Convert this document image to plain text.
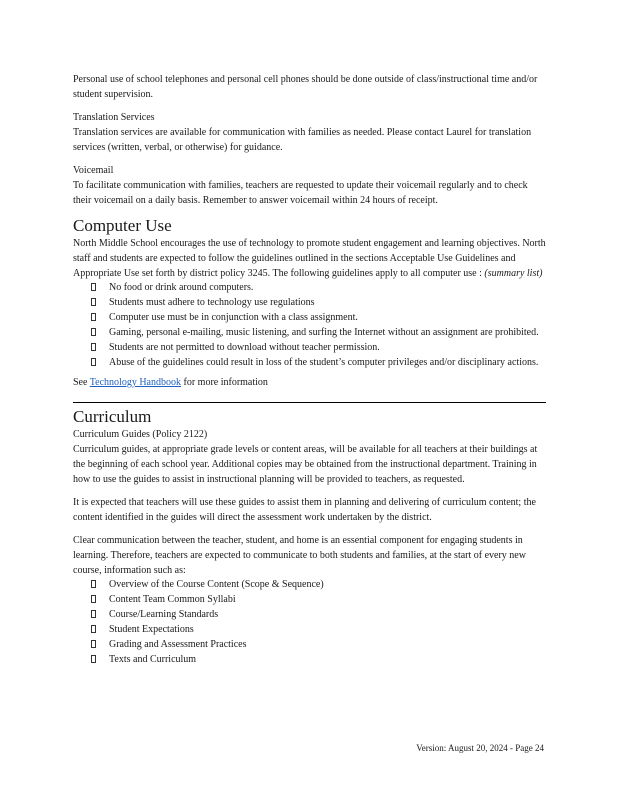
Personal use of school telephones and personal cell phones should be done outside of class/instructional time and/or student supervision.

Translation Services

Translation services are available for communication with families as needed. Please contact Laurel for translation services (written, verbal, or otherwise) for guidance.

Voicemail

To facilitate communication with families, teachers are requested to update their voicemail regularly and to check their voicemail on a daily basis. Remember to answer voicemail within 24 hours of receipt.

Computer Use

North Middle School encourages the use of technology to promote student engagement and learning objectives. North staff and students are expected to follow the guidelines outlined in the sections Acceptable Use Guidelines and Appropriate Use set forth by district policy 3245. The following guidelines apply to all computer use : (summary list)

No food or drink around computers.
Students must adhere to technology use regulations
Computer use must be in conjunction with a class assignment.
Gaming, personal e-mailing, music listening, and surfing the Internet without an assignment are prohibited.
Students are not permitted to download without teacher permission.
Abuse of the guidelines could result in loss of the student’s computer privileges and/or disciplinary actions.

See Technology Handbook for more information

Curriculum
Curriculum Guides (Policy 2122)

Curriculum guides, at appropriate grade levels or content areas, will be available for all teachers at their buildings at the beginning of each school year. Additional copies may be obtained from the instructional department. Training in how to use the guides to assist in instructional planning will be provided to teachers, as requested.

It is expected that teachers will use these guides to assist them in planning and delivering of curriculum content; the content identified in the guides will direct the assessment work undertaken by the district.

Clear communication between the teacher, student, and home is an essential component for engaging students in learning. Therefore, teachers are expected to communicate to both students and families, at the start of every new course, information such as:

Overview of the Course Content (Scope & Sequence)
Content Team Common Syllabi
Course/Learning Standards
Student Expectations
Grading and Assessment Practices
Texts and Curriculum
Version: August 20, 2024 - Page 24
